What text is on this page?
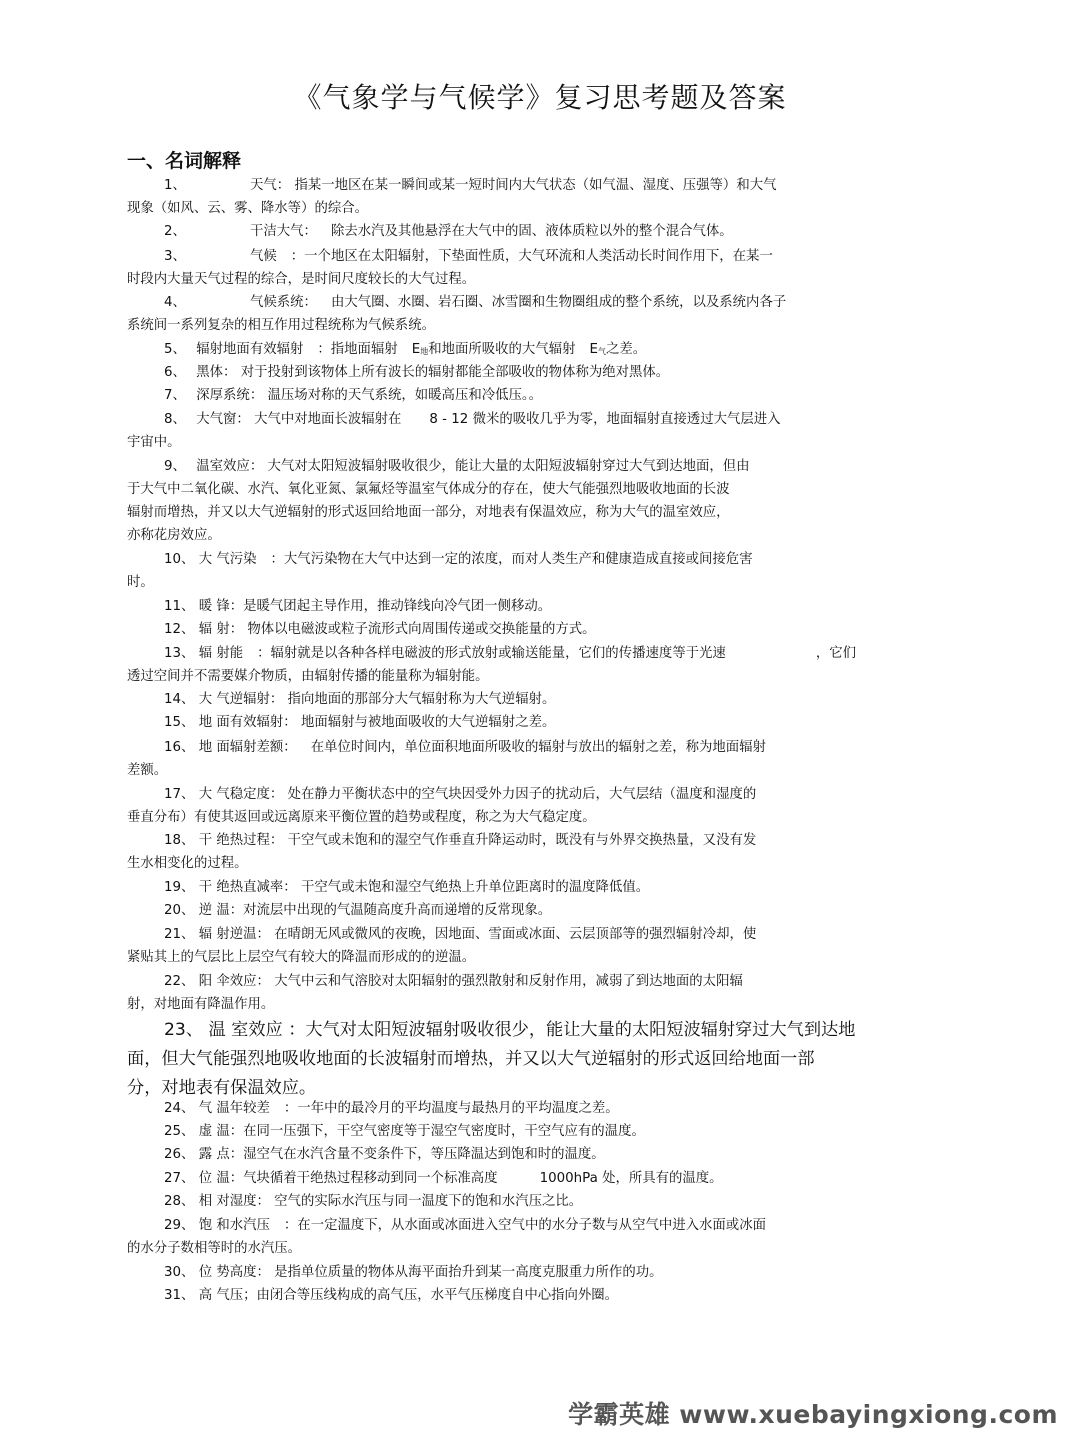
《气象学与气候学》复习思考题及答案
一、名词解释
1、	天气： 指某一地区在某一瞬间或某一短时间内大气状态（如气温、湿度、压强等）和大气
现象（如风、云、雾、降水等）的综合。
2、	干洁大气： 除去水汽及其他悬浮在大气中的固、液体质粒以外的整个混合气体。
3、	气候 ：一个地区在太阳辐射，下垫面性质，大气环流和人类活动长时间作用下，在某一
时段内大量天气过程的综合，是时间尺度较长的大气过程。
4、	气候系统： 由大气圈、水圈、岩石圈、冰雪圈和生物圈组成的整个系统，以及系统内各子
系统间一系列复杂的相互作用过程统称为气候系统。
5、 辐射地面有效辐射 ：指地面辐射 $E_地$和地面所吸收的大气辐射 $E_气$之差。
6、 黑体： 对于投射到该物体上所有波长的辐射都能全部吸收的物体称为绝对黑体。
7、 深厚系统： 温压场对称的天气系统，如暖高压和冷低压。。
8、 大气窗： 大气中对地面长波辐射在 8 - 12 微米的吸收几乎为零，地面辐射直接透过大气层进入
宇宙中。
9、 温室效应： 大气对太阳短波辐射吸收很少，能让大量的太阳短波辐射穿过大气到达地面，但由
于大气中二氧化碳、水汽、氧化亚氮、氯氟烃等温室气体成分的存在，使大气能强烈地吸收地面的长波
辐射而增热，并又以大气逆辐射的形式返回给地面一部分，对地表有保温效应，称为大气的温室效应，
亦称花房效应。
10、 大 气污染 ：大气污染物在大气中达到一定的浓度，而对人类生产和健康造成直接或间接危害
时。
11、 暖 锋：是暖气团起主导作用，推动锋线向冷气团一侧移动。
12、 辐 射： 物体以电磁波或粒子流形式向周围传递或交换能量的方式。
13、 辐 射能 ：辐射就是以各种各样电磁波的形式放射或输送能量，它们的传播速度等于光速	，它们
透过空间并不需要媒介物质，由辐射传播的能量称为辐射能。
14、 大 气逆辐射： 指向地面的那部分大气辐射称为大气逆辐射。
15、 地 面有效辐射： 地面辐射与被地面吸收的大气逆辐射之差。
16、 地 面辐射差额： 在单位时间内，单位面积地面所吸收的辐射与放出的辐射之差，称为地面辐射
差额。
17、 大 气稳定度： 处在静力平衡状态中的空气块因受外力因子的扰动后，大气层结（温度和湿度的
垂直分布）有使其返回或远离原来平衡位置的趋势或程度，称之为大气稳定度。
18、 干 绝热过程： 干空气或未饱和的湿空气作垂直升降运动时，既没有与外界交换热量，又没有发
生水相变化的过程。
19、 干 绝热直减率： 干空气或未饱和湿空气绝热上升单位距离时的温度降低值。
20、 逆 温：对流层中出现的气温随高度升高而递增的反常现象。
21、 辐 射逆温： 在晴朗无风或微风的夜晚，因地面、雪面或冰面、云层顶部等的强烈辐射冷却，使
紧贴其上的气层比上层空气有较大的降温而形成的的逆温。
22、 阳 伞效应： 大气中云和气溶胶对太阳辐射的强烈散射和反射作用，减弱了到达地面的太阳辐
射，对地面有降温作用。
23、 温 室效应 ：大气对太阳短波辐射吸收很少，能让大量的太阳短波辐射穿过大气到达地
面，但大气能强烈地吸收地面的长波辐射而增热，并又以大气逆辐射的形式返回给地面一部
分，对地表有保温效应。
24、 气 温年较差 ：一年中的最冷月的平均温度与最热月的平均温度之差。
25、 虚 温：在同一压强下，干空气密度等于湿空气密度时，干空气应有的温度。
26、 露 点：湿空气在水汽含量不变条件下，等压降温达到饱和时的温度。
27、 位 温：气块循着干绝热过程移动到同一个标准高度	1000hPa 处，所具有的温度。
28、 相 对湿度： 空气的实际水汽压与同一温度下的饱和水汽压之比。
29、 饱 和水汽压 ：在一定温度下，从水面或冰面进入空气中的水分子数与从空气中进入水面或冰面
的水分子数相等时的水汽压。
30、 位 势高度： 是指单位质量的物体从海平面抬升到某一高度克服重力所作的功。
31、 高 气压；由闭合等压线构成的高气压，水平气压梯度自中心指向外圈。
学霸英雄 www.xuebayingxiong.com
